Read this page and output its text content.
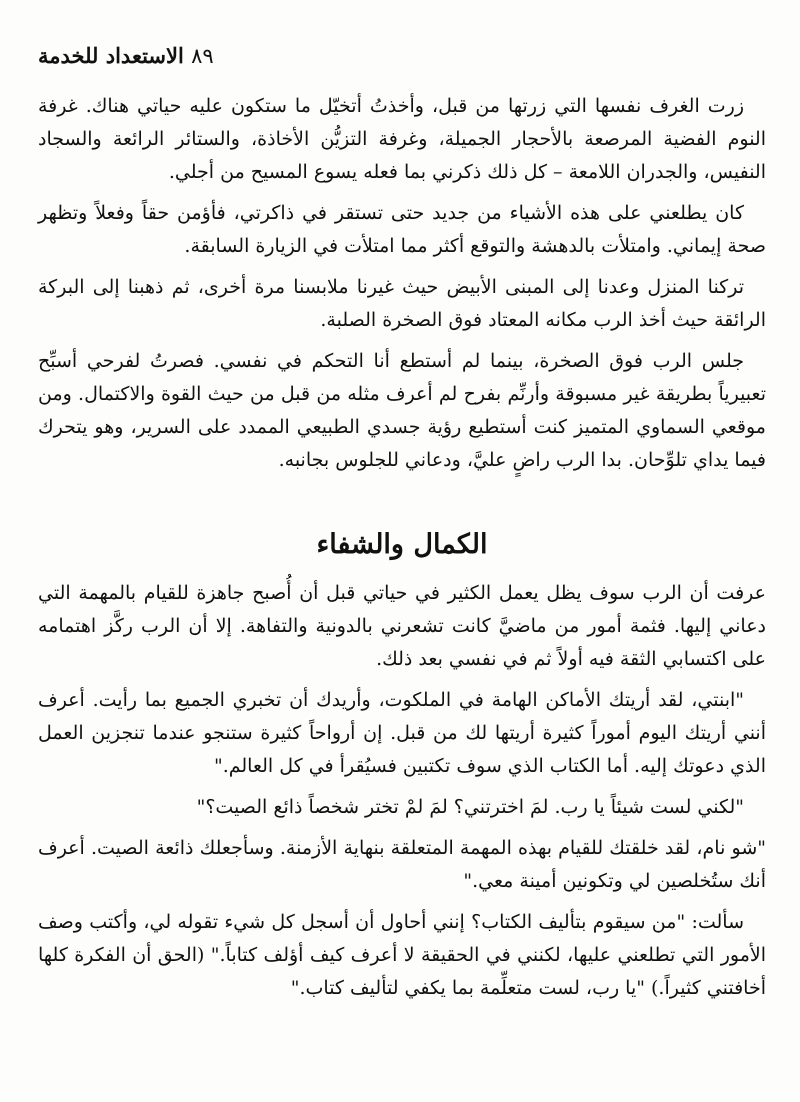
الاستعداد للخدمة ٨٩

زرت الغرف نفسها التي زرتها من قبل، وأخذتُ أتخيّل ما ستكون عليه حياتي هناك. غرفة النوم الفضية المرصعة بالأحجار الجميلة، وغرفة التزيُّن الأخاذة، والستائر الرائعة والسجاد النفيس، والجدران اللامعة – كل ذلك ذكرني بما فعله يسوع المسيح من أجلي.

كان يطلعني على هذه الأشياء من جديد حتى تستقر في ذاكرتي، فأؤمن حقاً وفعلاً وتظهر صحة إيماني. وامتلأت بالدهشة والتوقع أكثر مما امتلأت في الزيارة السابقة.

تركنا المنزل وعدنا إلى المبنى الأبيض حيث غيرنا ملابسنا مرة أخرى، ثم ذهبنا إلى البركة الرائقة حيث أخذ الرب مكانه المعتاد فوق الصخرة الصلبة.

جلس الرب فوق الصخرة، بينما لم أستطع أنا التحكم في نفسي. فصرتُ لفرحي أسبِّح تعبيرياً بطريقة غير مسبوقة وأرنِّم بفرح لم أعرف مثله من قبل من حيث القوة والاكتمال. ومن موقعي السماوي المتميز كنت أستطيع رؤية جسدي الطبيعي الممدد على السرير، وهو يتحرك فيما يداي تلوِّحان. بدا الرب راضٍ عليَّ، ودعاني للجلوس بجانبه.

الكمال والشفاء

عرفت أن الرب سوف يظل يعمل الكثير في حياتي قبل أن أُصبح جاهزة للقيام بالمهمة التي دعاني إليها. فثمة أمور من ماضيَّ كانت تشعرني بالدونية والتفاهة. إلا أن الرب ركَّز اهتمامه على اكتسابي الثقة فيه أولاً ثم في نفسي بعد ذلك.

"ابنتي، لقد أريتك الأماكن الهامة في الملكوت، وأريدك أن تخبري الجميع بما رأيت. أعرف أنني أريتك اليوم أموراً كثيرة أريتها لك من قبل. إن أرواحاً كثيرة ستنجو عندما تنجزين العمل الذي دعوتك إليه. أما الكتاب الذي سوف تكتبين فسيُقرأ في كل العالم."

"لكني لست شيئاً يا رب. لمَ اخترتني؟ لمَ لمْ تختر شخصاً ذائع الصيت؟"

"شو نام، لقد خلقتك للقيام بهذه المهمة المتعلقة بنهاية الأزمنة. وسأجعلك ذائعة الصيت. أعرف أنك ستُخلصين لي وتكونين أمينة معي."

سألت: "من سيقوم بتأليف الكتاب؟ إنني أحاول أن أسجل كل شيء تقوله لي، وأكتب وصف الأمور التي تطلعني عليها، لكنني في الحقيقة لا أعرف كيف أؤلف كتاباً." (الحق أن الفكرة كلها أخافتني كثيراً.) "يا رب، لست متعلِّمة بما يكفي لتأليف كتاب."
